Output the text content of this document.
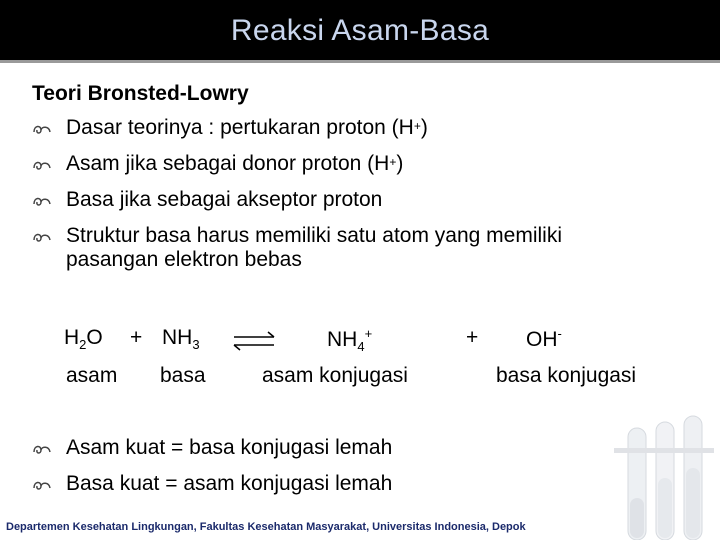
Reaksi Asam-Basa
Teori Bronsted-Lowry
Dasar teorinya : pertukaran proton (H+)
Asam jika sebagai donor proton (H+)
Basa jika sebagai akseptor proton
Struktur basa harus memiliki satu atom yang memiliki pasangan elektron bebas
$H_2O + NH_3$ ⇌ $NH_4^+$	+ OH-
asam basa	asam konjugasi	basa konjugasi
Asam kuat = basa konjugasi lemah
Basa kuat = asam konjugasi lemah
Departemen Kesehatan Lingkungan, Fakultas Kesehatan Masyarakat, Universitas Indonesia, Depok
